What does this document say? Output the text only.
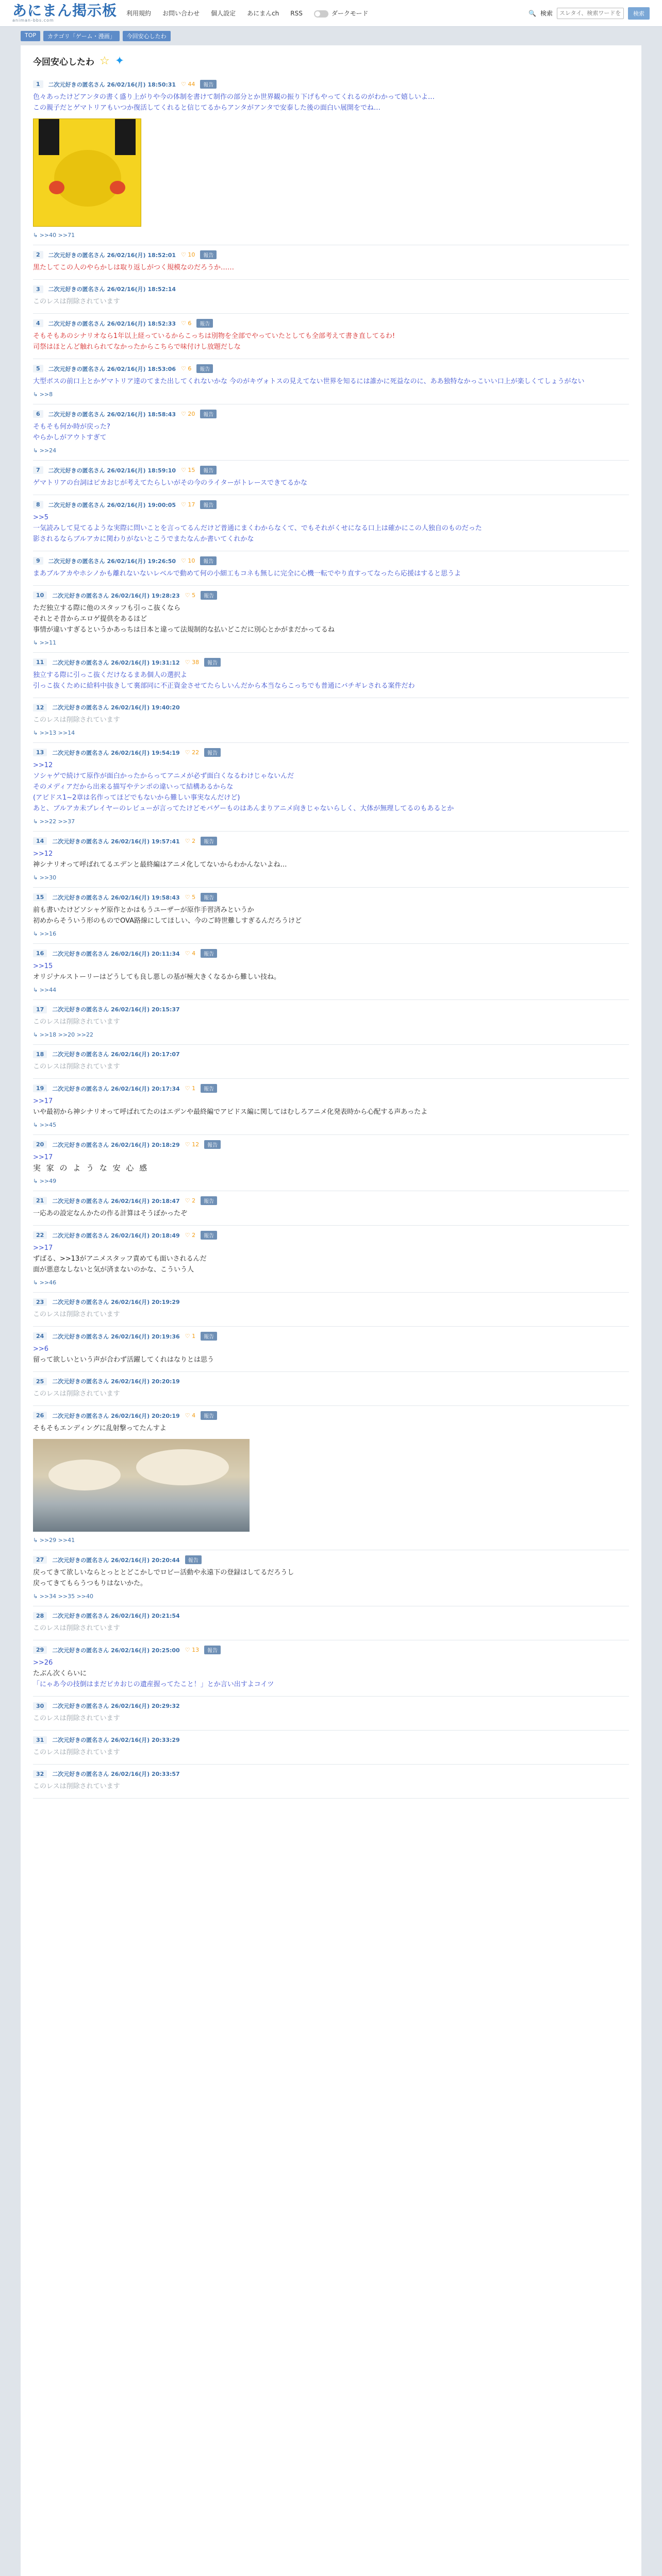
あにまん掲示板
animan-bbs.com
利用規約 お問い合わせ 個人設定 あにまんch RSS	ダークモード	🔍 検索
スレタイ、検索ワードを入力	検索
TOP	カテゴリ「ゲーム・漫画」	今回安心したわ
今回安心したわ ☆ ✦
1	二次元好きの匿名さん 26/02/16(月) 18:50:31 ♡ 44	報告

色々あったけどアンタの書く盛り上がりや今の体制を書けて制作の部分とか世界観の振り下げもやってくれるのがわかって嬉しいよ…

この親子だとゲマトリアもいつか復活してくれると信じてるからアンタがアンタで安泰した後の面白い展開をでね…

↳ >>40 >>71
2	二次元好きの匿名さん 26/02/16(月) 18:52:01 ♡ 10	報告

黒たしてこの人のやらかしは取り返しがつく規模なのだろうか……

3	二次元好きの匿名さん 26/02/16(月) 18:52:14

このレスは削除されています

4	二次元好きの匿名さん 26/02/16(月) 18:52:33 ♡ 6	報告

そもそもあのシナリオなら1年以上経っているからこっちは別物を全部でやっていたとしても全部考えて書き直してるわ!

司祭はほとんど触れられてなかったからこちらで味付けし放題だしな

5	二次元好きの匿名さん 26/02/16(月) 18:53:06 ♡ 6	報告

大型ボスの前口上とかゲマトリア達のてまた出してくれないかな 今のがキヴォトスの見えてない世界を知るには誰かに死益なのに、ああ独特なかっこいい口上が楽しくてしょうがない

↳ >>8
6	二次元好きの匿名さん 26/02/16(月) 18:58:43 ♡ 20	報告

そもそも何か時が戻った?

やらかしがアウトすぎて

↳ >>24
7	二次元好きの匿名さん 26/02/16(月) 18:59:10 ♡ 15	報告

ゲマトリアの台詞はピカおじが考えてたらしいがその今のライターがトレースできてるかな

8	二次元好きの匿名さん 26/02/16(月) 19:00:05 ♡ 17	報告

>>5

一気読みして見てるような実際に問いことを言ってるんだけど普通にまくわからなくて、でもそれがくせになる口上は確かにこの人独自のものだった

影されるならブルアカに関わりがないとこうでまたなんか書いてくれかな

9	二次元好きの匿名さん 26/02/16(月) 19:26:50 ♡ 10	報告

まあブルアカやホシノかも離れないないレベルで動めて何の小細工もコネも無しに完全に心機一転でやり直すってなったら応援はすると思うよ

10	二次元好きの匿名さん 26/02/16(月) 19:28:23 ♡ 5	報告

ただ独立する際に他のスタッフも引っこ抜くなら

それとそ昔からエロゲ提供をあるほど

事情が違いすぎるというかあっちは日本と違って法規制的な払いどこだに別心とかがまだかってるね

↳ >>11
11	二次元好きの匿名さん 26/02/16(月) 19:31:12 ♡ 38	報告

独立する際に引っこ抜くだけなるまあ個人の選択よ

引っこ抜くために給料中抜きして裏部同に不正資金させてたらしいんだから本当ならこっちでも普通にバチギレされる案件だわ

12	二次元好きの匿名さん 26/02/16(月) 19:40:20

このレスは削除されています

↳ >>13 >>14
13	二次元好きの匿名さん 26/02/16(月) 19:54:19 ♡ 22	報告

>>12

ソシャゲで続けて原作が面白かったからってアニメが必ず面白くなるわけじゃないんだ

そのメディアだから出来る描写やテンポの違いって結構あるからな

(アビドス1~2章は名作ってほどでもないから難しい事実なんだけど)

あと、ブルアカ未プレイヤーのレビューが言ってたけどモバゲーものはあんまりアニメ向きじゃないらしく、大体が無理してるのもあるとか

↳ >>22 >>37
14	二次元好きの匿名さん 26/02/16(月) 19:57:41 ♡ 2	報告

>>12

神シナリオって呼ばれてるエデンと最終編はアニメ化してないからわかんないよね…

↳ >>30
15	二次元好きの匿名さん 26/02/16(月) 19:58:43 ♡ 5	報告

前も書いたけどソシャゲ原作とかはもうユーザーが原作手習済みというか

初めからそういう形のものでOVA路線にしてほしい、今のご時世難しすぎるんだろうけど

↳ >>16
16	二次元好きの匿名さん 26/02/16(月) 20:11:34 ♡ 4	報告

>>15

オリジナルストーリーはどうしても良し悪しの基が極大きくなるから難しい技ね。

↳ >>44
17	二次元好きの匿名さん 26/02/16(月) 20:15:37

このレスは削除されています

↳ >>18 >>20 >>22
18	二次元好きの匿名さん 26/02/16(月) 20:17:07

このレスは削除されています

19	二次元好きの匿名さん 26/02/16(月) 20:17:34 ♡ 1	報告

>>17

いや最初から神シナリオって呼ばれてたのはエデンや最終編でアビドス編に関してはむしろアニメ化発表時から心配する声あったよ

↳ >>45
20	二次元好きの匿名さん 26/02/16(月) 20:18:29 ♡ 12	報告

>>17

実 家 の よ う な 安 心 感

↳ >>49
21	二次元好きの匿名さん 26/02/16(月) 20:18:47 ♡ 2	報告

一応あの設定なんかたの作る計算はそうぼかったぞ

22	二次元好きの匿名さん 26/02/16(月) 20:18:49 ♡ 2	報告

>>17

ずばる、>>13がアニメスタッフ責めても面いされるんだ

面が悪意なしないと気が済まないのかな、こういう人

↳ >>46
23	二次元好きの匿名さん 26/02/16(月) 20:19:29

このレスは削除されています

24	二次元好きの匿名さん 26/02/16(月) 20:19:36 ♡ 1	報告

>>6

留って欲しいという声が合わず活躍してくれはなりとは思う

25	二次元好きの匿名さん 26/02/16(月) 20:20:19

このレスは削除されています

26	二次元好きの匿名さん 26/02/16(月) 20:20:19 ♡ 4	報告

そもそもエンディングに乱射撃ってたんすよ

↳ >>29 >>41
27	二次元好きの匿名さん 26/02/16(月) 20:20:44	報告

戻ってきて欲しいならとっととどこかしでロビー活動や永遠下の登録はしてるだろうし

戻ってきてもらうつもりはないかた。

↳ >>34 >>35 >>40
28	二次元好きの匿名さん 26/02/16(月) 20:21:54

このレスは削除されています

29	二次元好きの匿名さん 26/02/16(月) 20:25:00 ♡ 13	報告

>>26

たぶん次くらいに

「にゃあ今の技倒はまだピカおじの遺産握ってたこと！」とか言い出すよコイツ

30	二次元好きの匿名さん 26/02/16(月) 20:29:32

このレスは削除されています

31	二次元好きの匿名さん 26/02/16(月) 20:33:29

このレスは削除されています

32	二次元好きの匿名さん 26/02/16(月) 20:33:57

このレスは削除されています
